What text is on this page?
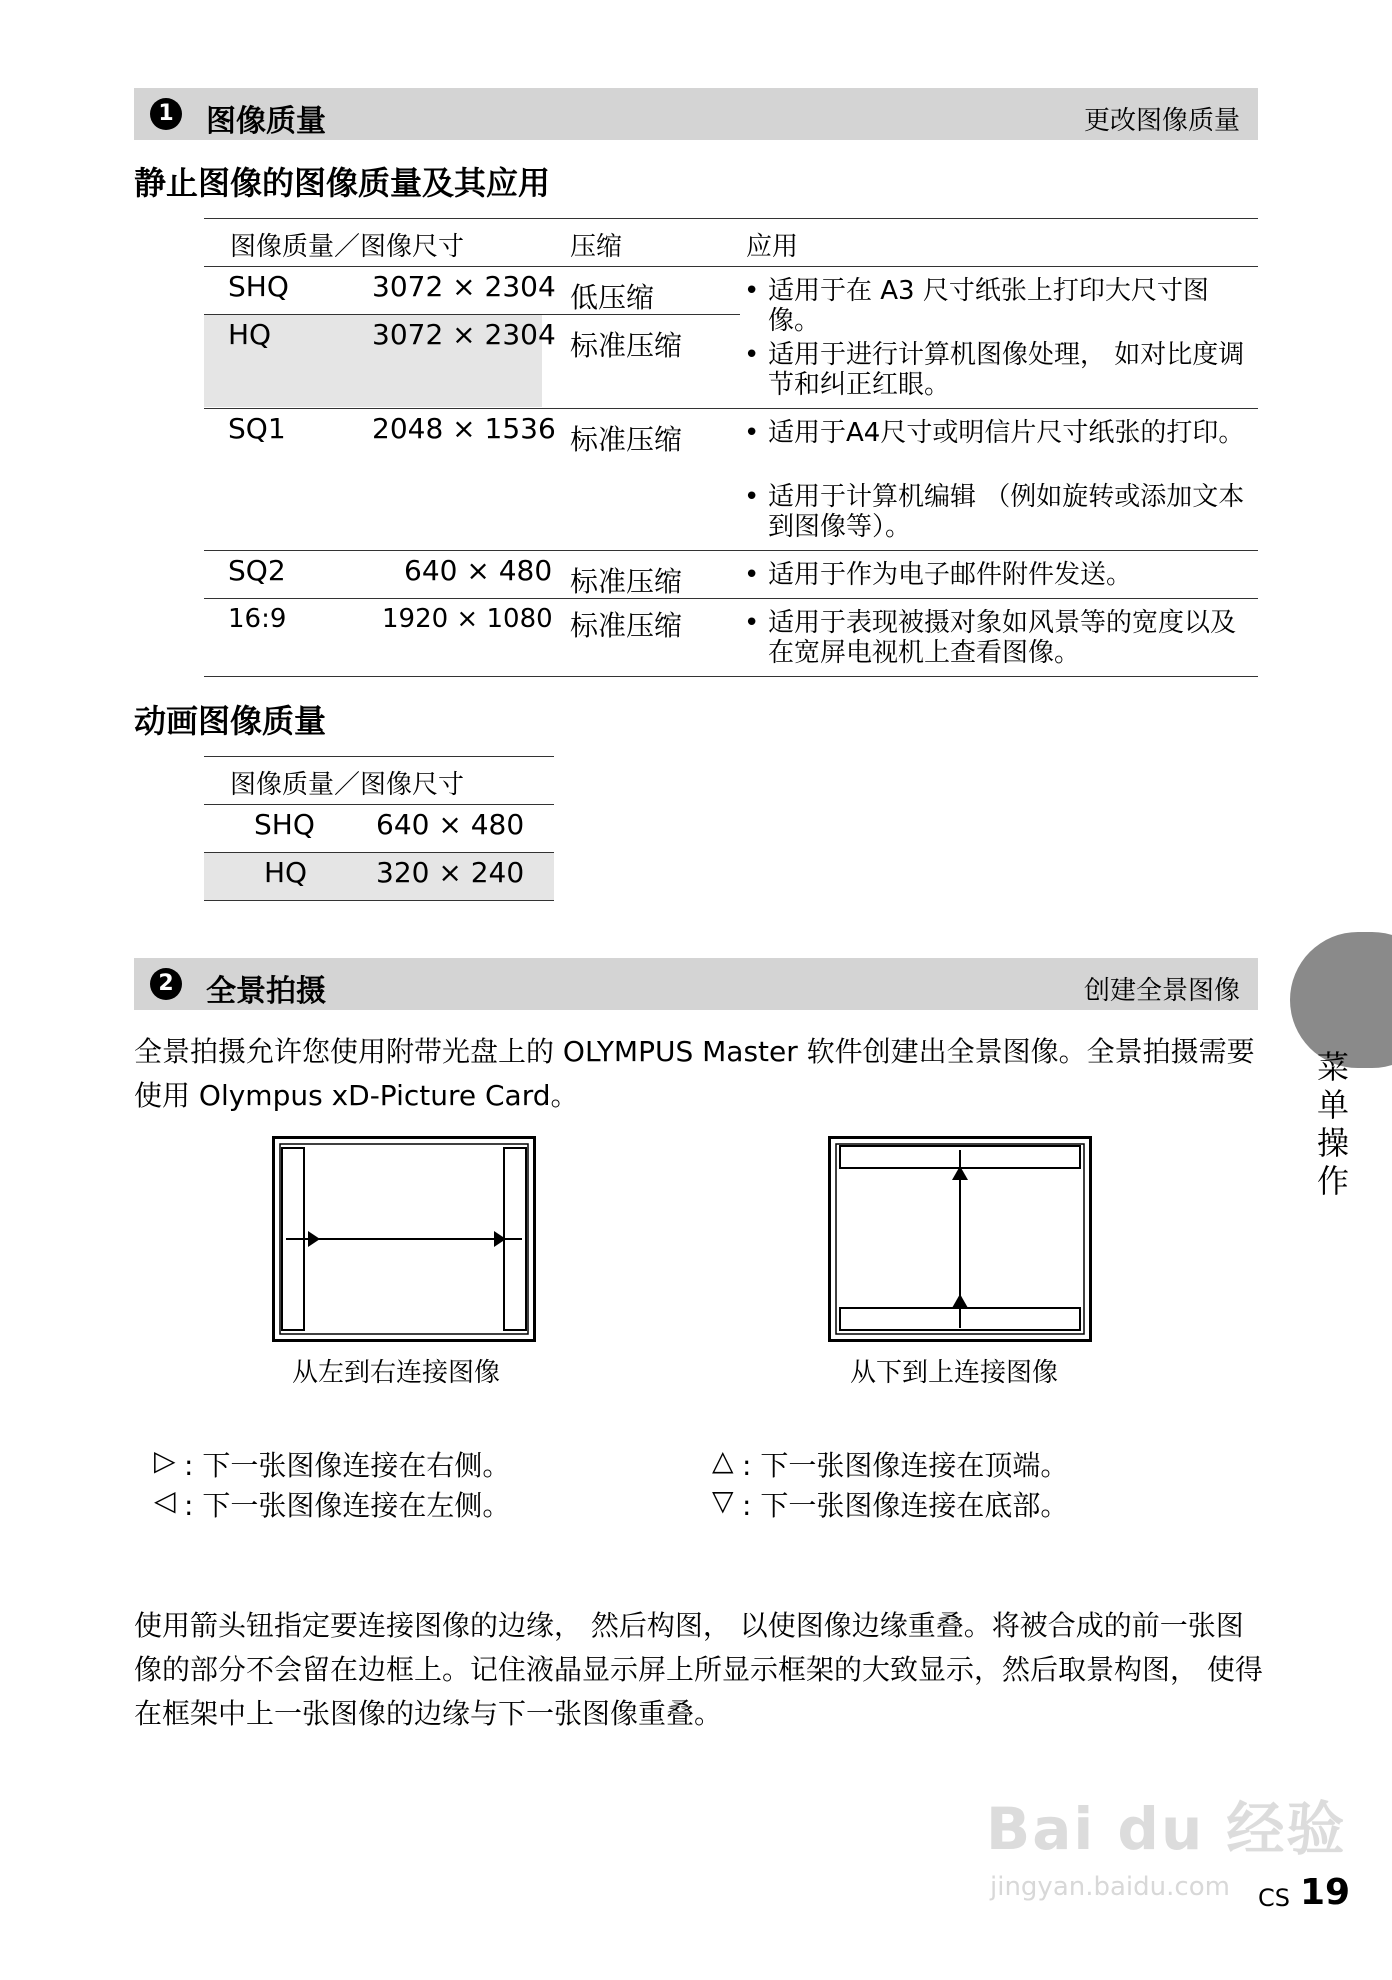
1 图像质量	更改图像质量
静止图像的图像质量及其应用
图像质量／图像尺寸	压缩	应用
SHQ	3072 × 2304 低压缩
HQ	3072 × 2304 标准压缩
• 适用于在 A3 尺寸纸张上打印大尺寸图像。
• 适用于进行计算机图像处理， 如对比度调节和纠正红眼。
SQ1	2048 × 1536 标准压缩 • 适用于A4尺寸或明信片尺寸纸张的打印。
• 适用于计算机编辑 （例如旋转或添加文本到图像等）。
SQ2	640 × 480 标准压缩 • 适用于作为电子邮件附件发送。
16:9	1920 × 1080 标准压缩 • 适用于表现被摄对象如风景等的宽度以及在宽屏电视机上查看图像。
动画图像质量
图像质量／图像尺寸
SHQ 640 × 480
HQ 320 × 240
2 全景拍摄	创建全景图像
全景拍摄允许您使用附带光盘上的 OLYMPUS Master 软件创建出全景图像。全景拍摄需要使用 Olympus xD-Picture Card。
从左到右连接图像	从下到上连接图像
▷ : 下一张图像连接在右侧。
◁ : 下一张图像连接在左侧。
△ : 下一张图像连接在顶端。
▽ : 下一张图像连接在底部。
使用箭头钮指定要连接图像的边缘， 然后构图， 以使图像边缘重叠。将被合成的前一张图像的部分不会留在边框上。记住液晶显示屏上所显示框架的大致显示，然后取景构图， 使得在框架中上一张图像的边缘与下一张图像重叠。
菜单操作
Bai du 经验
jingyan.baidu.com CS 19
